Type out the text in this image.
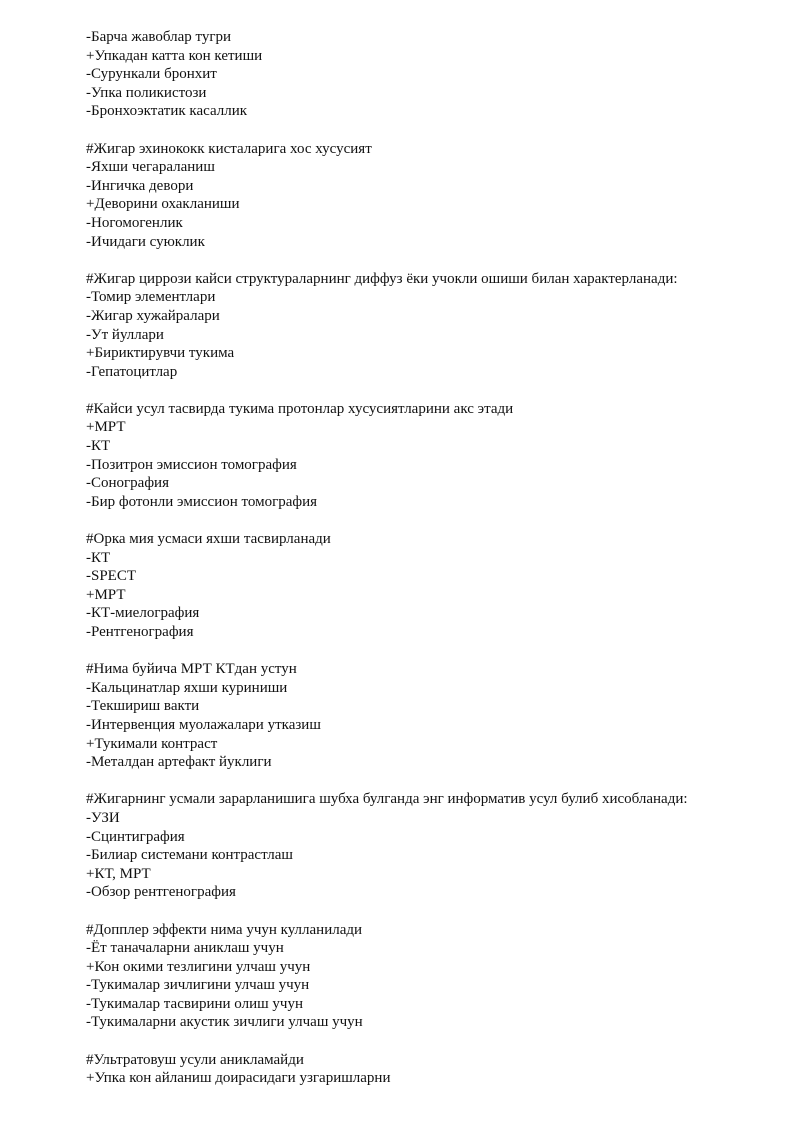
-Барча жавоблар тугри
+Упкадан катта кон кетиши
-Сурункали бронхит
-Упка поликистози
-Бронхоэктатик касаллик
#Жигар эхинококк кисталарига хос хусусият
-Яхши чегараланиш
-Ингичка девори
+Деворини охакланиши
-Ногомогенлик
-Ичидаги суюклик
#Жигар циррози кайси структураларнинг диффуз ёки учокли ошиши билан характерланади:
-Томир элементлари
-Жигар хужайралари
-Ут йуллари
+Бириктирувчи тукима
-Гепатоцитлар
#Кайси усул тасвирда тукима протонлар хусусиятларини акс этади
+МРТ
-КТ
-Позитрон эмиссион томография
-Сонография
-Бир фотонли эмиссион томография
#Орка мия усмаси яхши тасвирланади
-КТ
-SPECT
+МРТ
-КТ-миелография
-Рентгенография
#Нима буйича МРТ КТдан устун
-Кальцинатлар яхши куриниши
-Текшириш вакти
-Интервенция муолажалари утказиш
+Тукимали контраст
-Металдан артефакт йуклиги
#Жигарнинг усмали зарарланишига шубха булганда энг информатив усул булиб хисобланади:
-УЗИ
-Сцинтиграфия
-Билиар системани контрастлаш
+КТ, МРТ
-Обзор рентгенография
#Допплер эффекти нима учун кулланилади
-Ёт таначаларни аниклаш учун
+Кон окими тезлигини улчаш учун
-Тукималар зичлигини улчаш учун
-Тукималар тасвирини олиш учун
-Тукималарни акустик зичлиги улчаш учун
#Ультратовуш усули аникламайди
+Упка кон айланиш доирасидаги узгаришларни
